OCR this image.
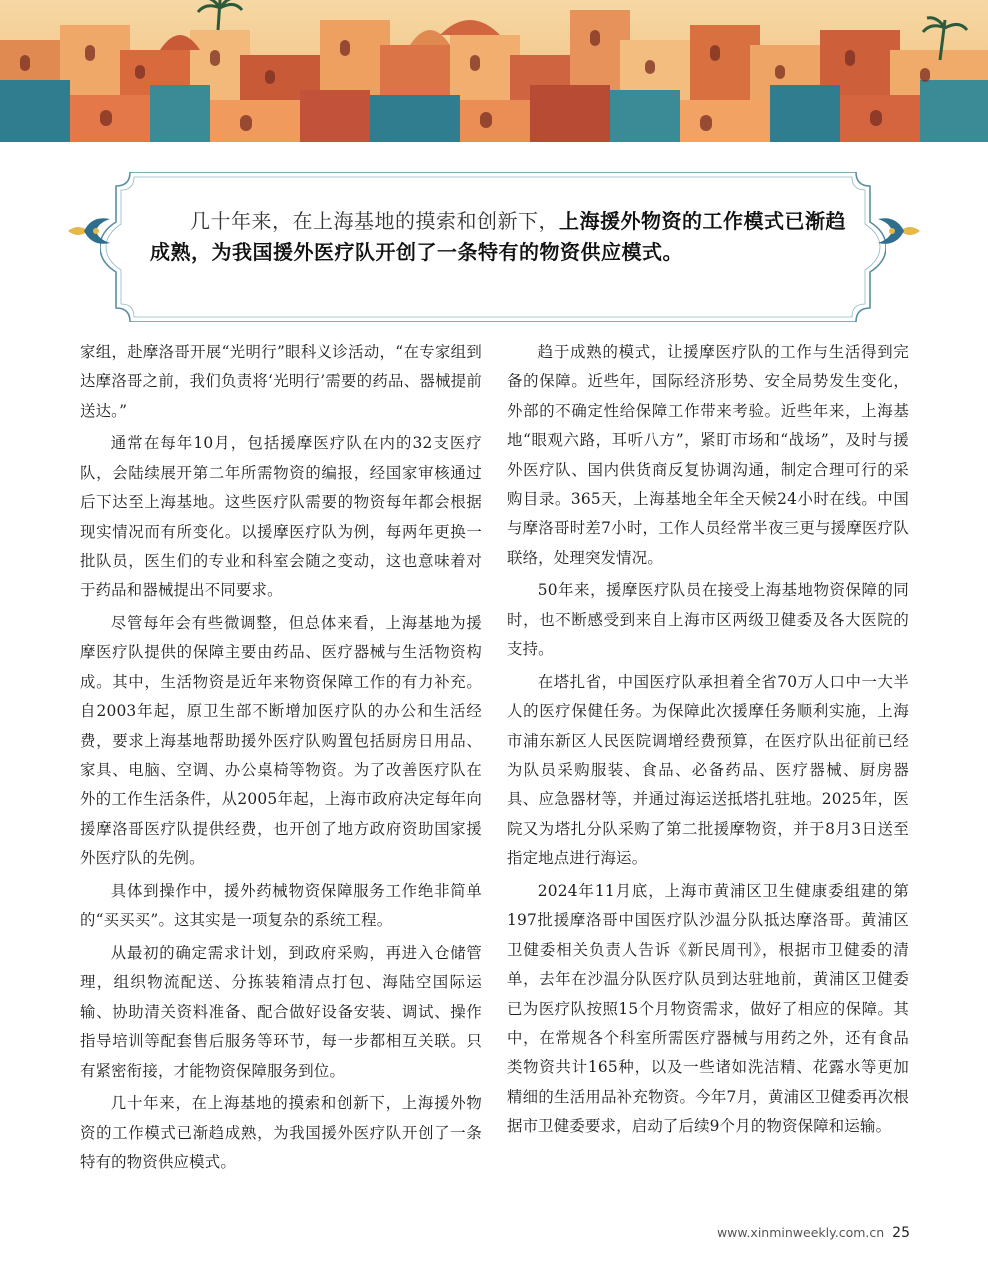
几十年来，在上海基地的摸索和创新下，上海援外物资的工作模式已渐趋成熟，为我国援外医疗队开创了一条特有的物资供应模式。

家组，赴摩洛哥开展“光明行”眼科义诊活动，“在专家组到达摩洛哥之前，我们负责将‘光明行’需要的药品、器械提前送达。”

通常在每年10月，包括援摩医疗队在内的32支医疗队，会陆续展开第二年所需物资的编报，经国家审核通过后下达至上海基地。这些医疗队需要的物资每年都会根据现实情况而有所变化。以援摩医疗队为例，每两年更换一批队员，医生们的专业和科室会随之变动，这也意味着对于药品和器械提出不同要求。

尽管每年会有些微调整，但总体来看，上海基地为援摩医疗队提供的保障主要由药品、医疗器械与生活物资构成。其中，生活物资是近年来物资保障工作的有力补充。自2003年起，原卫生部不断增加医疗队的办公和生活经费，要求上海基地帮助援外医疗队购置包括厨房日用品、家具、电脑、空调、办公桌椅等物资。为了改善医疗队在外的工作生活条件，从2005年起，上海市政府决定每年向援摩洛哥医疗队提供经费，也开创了地方政府资助国家援外医疗队的先例。

具体到操作中，援外药械物资保障服务工作绝非简单的“买买买”。这其实是一项复杂的系统工程。

从最初的确定需求计划，到政府采购，再进入仓储管理，组织物流配送、分拣装箱清点打包、海陆空国际运输、协助清关资料准备、配合做好设备安装、调试、操作指导培训等配套售后服务等环节，每一步都相互关联。只有紧密衔接，才能物资保障服务到位。

几十年来，在上海基地的摸索和创新下，上海援外物资的工作模式已渐趋成熟，为我国援外医疗队开创了一条特有的物资供应模式。

趋于成熟的模式，让援摩医疗队的工作与生活得到完备的保障。近些年，国际经济形势、安全局势发生变化，外部的不确定性给保障工作带来考验。近些年来，上海基地“眼观六路，耳听八方”，紧盯市场和“战场”，及时与援外医疗队、国内供货商反复协调沟通，制定合理可行的采购目录。365天，上海基地全年全天候24小时在线。中国与摩洛哥时差7小时，工作人员经常半夜三更与援摩医疗队联络，处理突发情况。

50年来，援摩医疗队员在接受上海基地物资保障的同时，也不断感受到来自上海市区两级卫健委及各大医院的支持。

在塔扎省，中国医疗队承担着全省70万人口中一大半人的医疗保健任务。为保障此次援摩任务顺利实施，上海市浦东新区人民医院调增经费预算，在医疗队出征前已经为队员采购服装、食品、必备药品、医疗器械、厨房器具、应急器材等，并通过海运送抵塔扎驻地。2025年，医院又为塔扎分队采购了第二批援摩物资，并于8月3日送至指定地点进行海运。

2024年11月底，上海市黄浦区卫生健康委组建的第197批援摩洛哥中国医疗队沙温分队抵达摩洛哥。黄浦区卫健委相关负责人告诉《新民周刊》，根据市卫健委的清单，去年在沙温分队医疗队员到达驻地前，黄浦区卫健委已为医疗队按照15个月物资需求，做好了相应的保障。其中，在常规各个科室所需医疗器械与用药之外，还有食品类物资共计165种，以及一些诸如洗洁精、花露水等更加精细的生活用品补充物资。今年7月，黄浦区卫健委再次根据市卫健委要求，启动了后续9个月的物资保障和运输。

www.xinminweekly.com.cn 25
